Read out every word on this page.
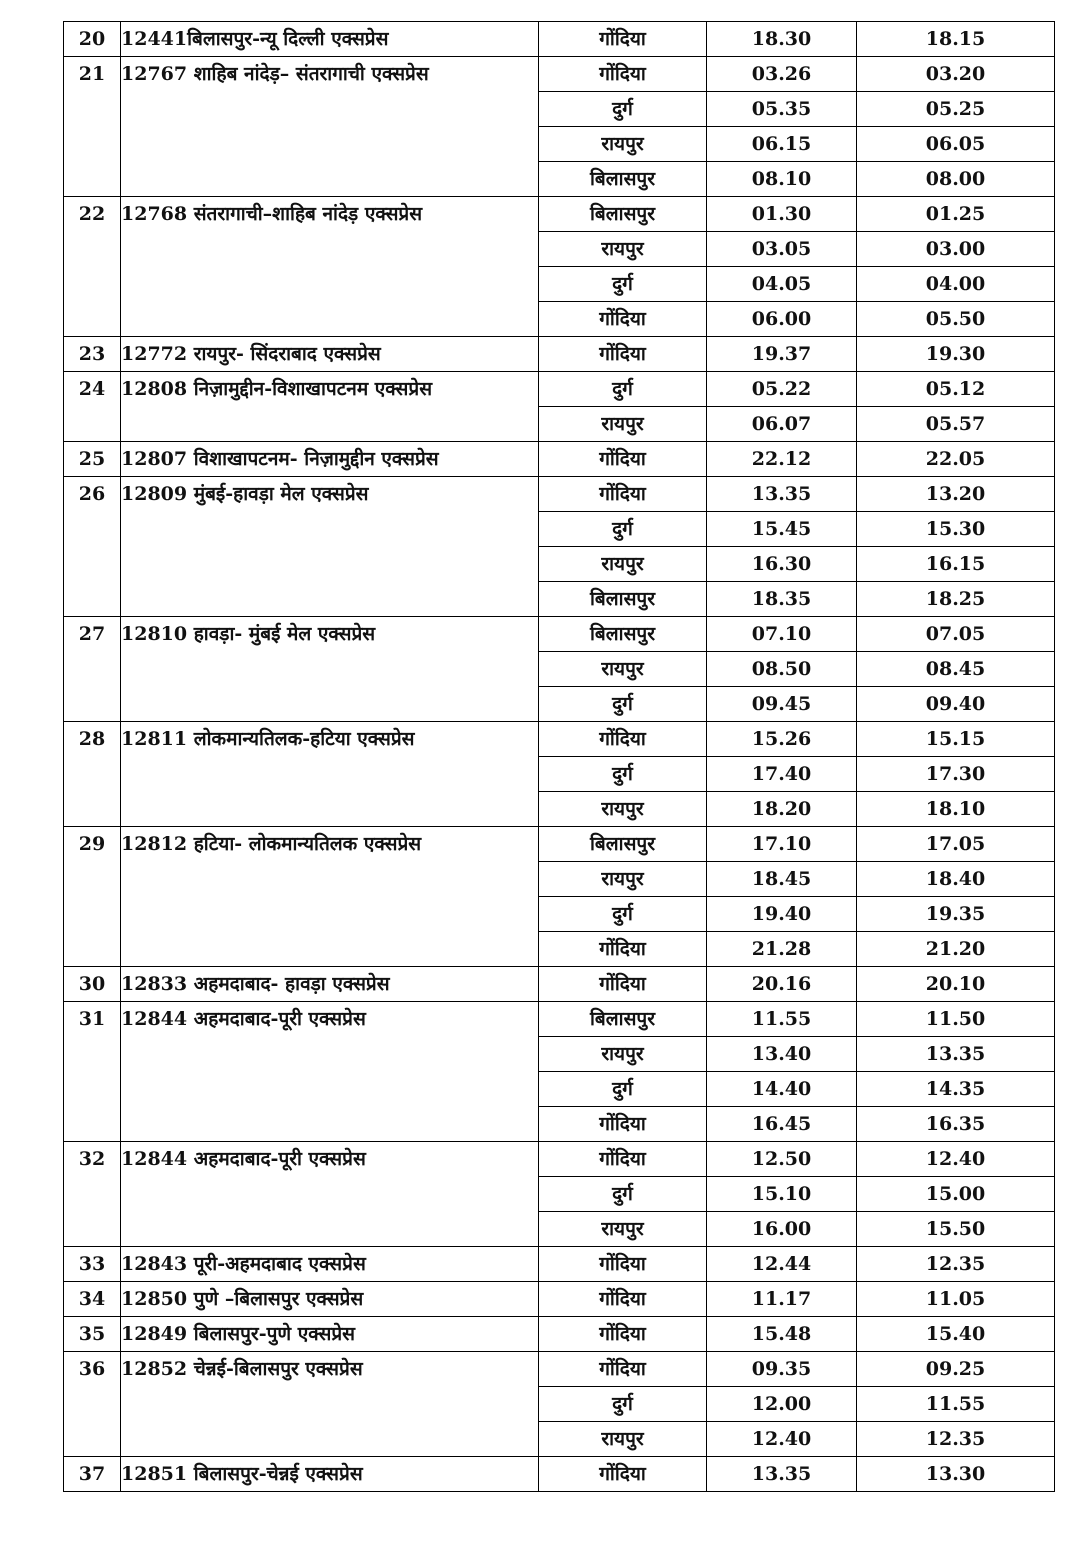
20	12441बिलासपुर-न्यू दिल्ली एक्सप्रेस	गोंदिया	18.30	18.15
21	12767 शाहिब नांदेड़– संतरागाची एक्सप्रेस	गोंदिया	03.26	03.20
		दुर्ग	05.35	05.25
		रायपुर	06.15	06.05
		बिलासपुर	08.10	08.00
22	12768 संतरागाची–शाहिब नांदेड़ एक्सप्रेस	बिलासपुर	01.30	01.25
		रायपुर	03.05	03.00
		दुर्ग	04.05	04.00
		गोंदिया	06.00	05.50
23	12772 रायपुर- सिंदराबाद एक्सप्रेस	गोंदिया	19.37	19.30
24	12808 निज़ामुद्दीन-विशाखापटनम एक्सप्रेस	दुर्ग	05.22	05.12
		रायपुर	06.07	05.57
25	12807 विशाखापटनम- निज़ामुद्दीन एक्सप्रेस	गोंदिया	22.12	22.05
26	12809 मुंबई-हावड़ा मेल एक्सप्रेस	गोंदिया	13.35	13.20
		दुर्ग	15.45	15.30
		रायपुर	16.30	16.15
		बिलासपुर	18.35	18.25
27	12810 हावड़ा- मुंबई मेल एक्सप्रेस	बिलासपुर	07.10	07.05
		रायपुर	08.50	08.45
		दुर्ग	09.45	09.40
28	12811 लोकमान्यतिलक-हटिया एक्सप्रेस	गोंदिया	15.26	15.15
		दुर्ग	17.40	17.30
		रायपुर	18.20	18.10
29	12812 हटिया- लोकमान्यतिलक एक्सप्रेस	बिलासपुर	17.10	17.05
		रायपुर	18.45	18.40
		दुर्ग	19.40	19.35
		गोंदिया	21.28	21.20
30	12833 अहमदाबाद- हावड़ा एक्सप्रेस	गोंदिया	20.16	20.10
31	12844 अहमदाबाद-पूरी एक्सप्रेस	बिलासपुर	11.55	11.50
		रायपुर	13.40	13.35
		दुर्ग	14.40	14.35
		गोंदिया	16.45	16.35
32	12844 अहमदाबाद-पूरी एक्सप्रेस	गोंदिया	12.50	12.40
		दुर्ग	15.10	15.00
		रायपुर	16.00	15.50
33	12843 पूरी-अहमदाबाद एक्सप्रेस	गोंदिया	12.44	12.35
34	12850 पुणे –बिलासपुर एक्सप्रेस	गोंदिया	11.17	11.05
35	12849 बिलासपुर-पुणे एक्सप्रेस	गोंदिया	15.48	15.40
36	12852 चेन्नई-बिलासपुर एक्सप्रेस	गोंदिया	09.35	09.25
		दुर्ग	12.00	11.55
		रायपुर	12.40	12.35
37	12851 बिलासपुर-चेन्नई एक्सप्रेस	गोंदिया	13.35	13.30
